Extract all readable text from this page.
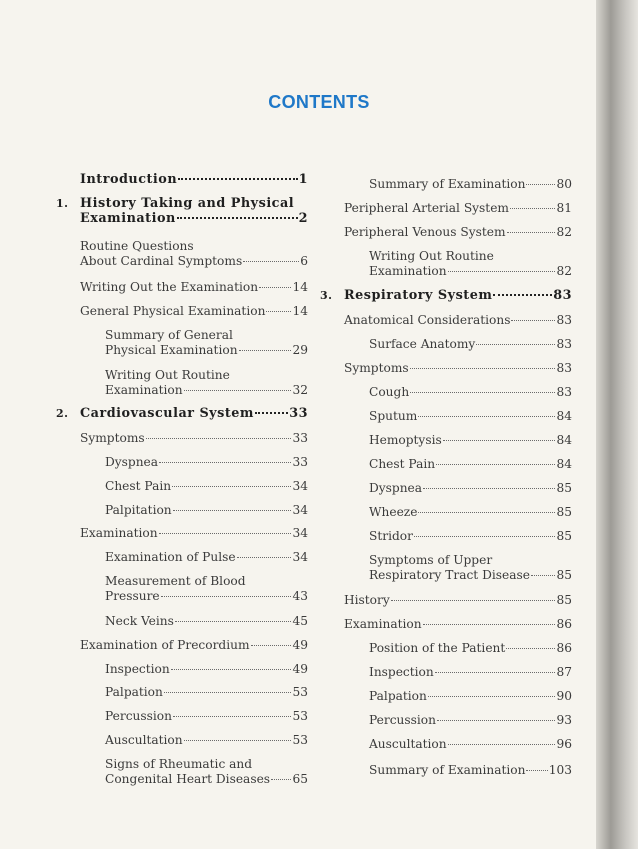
CONTENTS
Introduction	1
1. History Taking and Physical
Examination	2
Routine Questions
About Cardinal Symptoms	6
Writing Out the Examination	14
General Physical Examination 14
Summary of General
Physical Examination	29
Writing Out Routine
Examination	32
2. Cardiovascular System	33
Symptoms	33
Dyspnea	33
Chest Pain	34
Palpitation	34
Examination	34
Examination of Pulse	34
Measurement of Blood
Pressure	43
Neck Veins	45
Examination of Precordium	49
Inspection	49
Palpation	53
Percussion	53
Auscultation	53
Signs of Rheumatic and
Congenital Heart Diseases 65
Summary of Examination	80
Peripheral Arterial System	81
Peripheral Venous System	82
Writing Out Routine
Examination	82
3. Respiratory System	83
Anatomical Considerations	83
Surface Anatomy	83
Symptoms	83
Cough	83
Sputum	84
Hemoptysis	84
Chest Pain	84
Dyspnea	85
Wheeze	85
Stridor	85
Symptoms of Upper
Respiratory Tract Disease 85
History	85
Examination	86
Position of the Patient	86
Inspection	87
Palpation	90
Percussion	93
Auscultation	96
Summary of Examination 103
